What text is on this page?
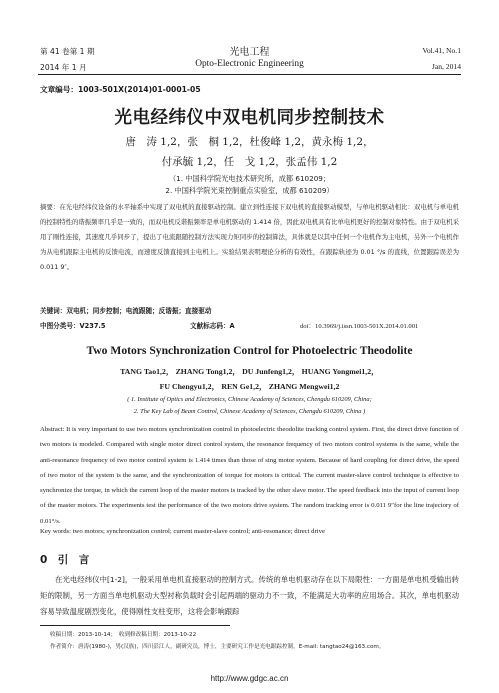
第 41 卷第 1 期	光电工程	Vol.41, No.1
2014 年 1 月	Opto-Electronic Engineering	Jan, 2014
文章编号：1003-501X(2014)01-0001-05
光电经纬仪中双电机同步控制技术
唐　涛 1,2，张　桐 1,2，杜俊峰 1,2，黄永梅 1,2，
付承毓 1,2，任　戈 1,2，张孟伟 1,2
（1. 中国科学院光电技术研究所，成都 610209；
2. 中国科学院光束控制重点实验室，成都 610209）

摘要：在光电经纬仪设备的水平轴系中实现了双电机的直接驱动控制。建立到性连接下双电机的直接驱动模型，与单电机驱动相比：双电机与单电机的控制特性的谐振频率几乎是一致的，而双电机反谐振频率是单电机驱动的 1.414 倍，因此双电机具有比单电机更好的控制对象特性。由于双电机采用了刚性连接，其速度几乎同步了，提出了电流跟随控制方法实现力矩同步的控制算法，具体就是以其中任何一个电机作为主电机，另外一个电机作为从电机跟踪主电机的反馈电流，而速度反馈直接到主电机上。实验结果表明理论分析的有效性，在跟踪轨迹为 0.01 °/s 的直线，位置跟踪误差为 0.011 9″。

关键词：双电机；同步控制；电流跟随；反谐振；直接驱动
中图分类号：V237.5	文献标志码：A	doi：10.3969/j.issn.1003-501X.2014.01.001
Two Motors Synchronization Control for Photoelectric Theodolite
TANG Tao1,2， ZHANG Tong1,2， DU Junfeng1,2， HUANG Yongmei1,2，
FU Chengyu1,2， REN Ge1,2， ZHANG Mengwei1,2
( 1. Institute of Optics and Electronics, Chinese Academy of Sciences, Chengdu 610209, China;
2. The Key Lab of Beam Control, Chinese Academy of Sciences, Chengdu 610209, China )

Abstract: It is very important to use two motors synchronization control in photoelectric theodolite tracking control system. First, the direct drive function of two motors is modeled. Compared with single motor direct control system, the resonance frequency of two motors control systems is the same, while the anti-resonance frequency of two motor control system is 1.414 times than those of sing motor system. Because of hard coupling for direct drive, the speed of two motor of the system is the same, and the synchronization of torque for motors is critical. The current master-slave control technique is effective to synchronize the torque, in which the current loop of the master motors is tracked by the other slave motor. The speed feedback into the input of current loop of the master motors. The experiments test the performance of the two motors drive system. The random tracking error is 0.011 9″for the line trajectory of 0.01°/s.

Key words: two motors; synchronization control; current master-slave control; anti-resonance; direct drive
0　引　言

在光电经纬仪中[1-2]，一般采用单电机直接驱动的控制方式。传统的单电机驱动存在以下局限性：一方面是单电机受输出转矩的限制，另一方面当单电机驱动大型衬称负载时会引起两端的驱动力不一致，不能满足大功率的应用场合。其次，单电机驱动容易导致温度剧烈变化，使得刚性支柱变形，这将会影响跟踪

收稿日期：2013-10-14；　收到修改稿日期：2013-10-22
作者简介：唐涛(1980-)，男(汉族)，四川彭江人，副研究员，博士，主要研究工作是光电跟踪控制。E-mail: tangtao24@163.com。
http://www.gdgc.ac.cn
